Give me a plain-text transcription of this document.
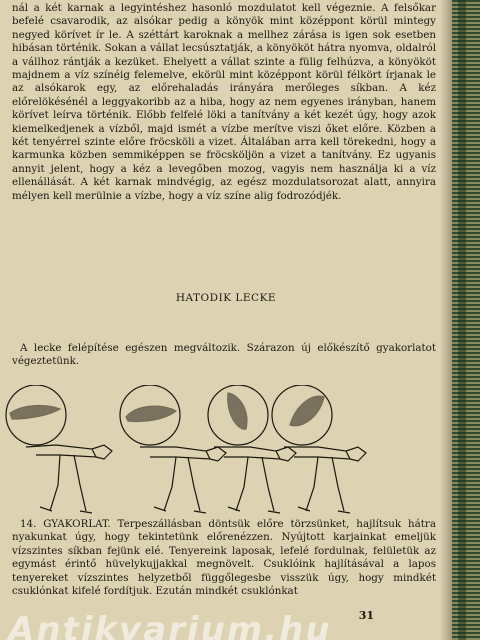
nál a két karnak a legyintéshez hasonló mozdulatot kell végeznie. A felsőkar befelé csavarodik, az alsókar pedig a könyök mint középpont körül mintegy negyed körívet ír le. A széttárt karoknak a mellhez zárása is igen sok esetben hibásan történik. Sokan a vállat lecsúsztatják, a könyököt hátra nyomva, oldalról a vállhoz rántják a kezüket. Ehelyett a vállat szinte a fülig felhúzva, a könyököt majdnem a víz színéig felemelve, ekörül mint középpont körül félkört írjanak le az alsókarok egy, az előrehaladás irányára merőleges síkban. A kéz előrelökésénél a leggyakoribb az a hiba, hogy az nem egyenes irányban, hanem körívet leírva történik. Előbb felfelé löki a tanítvány a két kezét úgy, hogy azok kiemelkedjenek a vízből, majd ismét a vízbe merítve viszi őket előre. Közben a két tenyérrel szinte előre fröcsköli a vizet. Általában arra kell törekedni, hogy a karmunka közben semmiképpen se fröcsköljön a vizet a tanítvány. Ez ugyanis annyit jelent, hogy a kéz a levegőben mozog, vagyis nem használja ki a víz ellenállását. A két karnak mindvégig, az egész mozdulatsorozat alatt, annyira mélyen kell merülnie a vízbe, hogy a víz színe alig fodrozódjék.
HATODIK LECKE
A lecke felépítése egészen megváltozik. Szárazon új előkészítő gyakorlatot végeztetünk.
14. GYAKORLAT. Terpeszállásban döntsük előre törzsünket, hajlítsuk hátra nyakunkat úgy, hogy tekintetünk előrenézzen. Nyújtott karjainkat emeljük vízszintes síkban fejünk elé. Tenyereink laposak, lefelé fordulnak, felületük az egymást érintő hüvelykujjakkal megnövelt. Csuklóink hajlításával a lapos tenyereket vízszintes helyzetből függőlegesbe visszük úgy, hogy mindkét csuklónkat kifelé fordítjuk. Ezután mindkét csuklónkat
31
Antikvarium.hu
